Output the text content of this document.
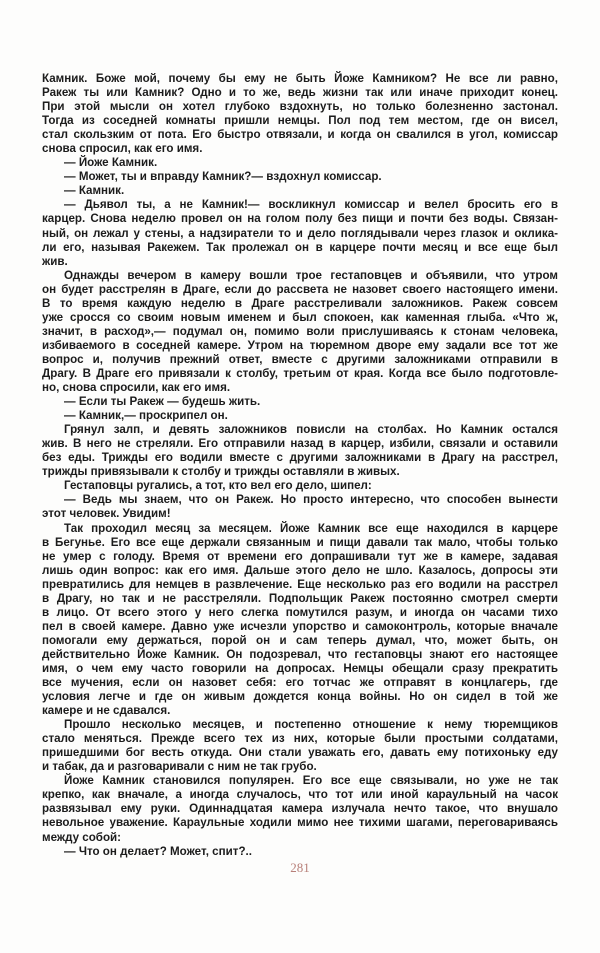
Камник. Боже мой, почему бы ему не быть Йоже Камником? Не все ли равно,
Ракеж ты или Камник? Одно и то же, ведь жизни так или иначе приходит конец.
При этой мысли он хотел глубоко вздохнуть, но только болезненно застонал.
Тогда из соседней комнаты пришли немцы. Пол под тем местом, где он висел,
стал скользким от пота. Его быстро отвязали, и когда он свалился в угол, комиссар
снова спросил, как его имя.
— Йоже Камник.
— Может, ты и вправду Камник?— вздохнул комиссар.
— Камник.
— Дьявол ты, а не Камник!— воскликнул комиссар и велел бросить его в
карцер. Снова неделю провел он на голом полу без пищи и почти без воды. Связан-
ный, он лежал у стены, а надзиратели то и дело поглядывали через глазок и оклика-
ли его, называя Ракежем. Так пролежал он в карцере почти месяц и все еще был
жив.
Однажды вечером в камеру вошли трое гестаповцев и объявили, что утром
он будет расстрелян в Драге, если до рассвета не назовет своего настоящего имени.
В то время каждую неделю в Драге расстреливали заложников. Ракеж совсем
уже сросся со своим новым именем и был спокоен, как каменная глыба. «Что ж,
значит, в расход»,— подумал он, помимо воли прислушиваясь к стонам человека,
избиваемого в соседней камере. Утром на тюремном дворе ему задали все тот же
вопрос и, получив прежний ответ, вместе с другими заложниками отправили в
Драгу. В Драге его привязали к столбу, третьим от края. Когда все было подготовле-
но, снова спросили, как его имя.
— Если ты Ракеж — будешь жить.
— Камник,— проскрипел он.
Грянул залп, и девять заложников повисли на столбах. Но Камник остался
жив. В него не стреляли. Его отправили назад в карцер, избили, связали и оставили
без еды. Трижды его водили вместе с другими заложниками в Драгу на расстрел,
трижды привязывали к столбу и трижды оставляли в живых.
Гестаповцы ругались, а тот, кто вел его дело, шипел:
— Ведь мы знаем, что он Ракеж. Но просто интересно, что способен вынести
этот человек. Увидим!
Так проходил месяц за месяцем. Йоже Камник все еще находился в карцере
в Бегунье. Его все еще держали связанным и пищи давали так мало, чтобы только
не умер с голоду. Время от времени его допрашивали тут же в камере, задавая
лишь один вопрос: как его имя. Дальше этого дело не шло. Казалось, допросы эти
превратились для немцев в развлечение. Еще несколько раз его водили на расстрел
в Драгу, но так и не расстреляли. Подпольщик Ракеж постоянно смотрел смерти
в лицо. От всего этого у него слегка помутился разум, и иногда он часами тихо
пел в своей камере. Давно уже исчезли упорство и самоконтроль, которые вначале
помогали ему держаться, порой он и сам теперь думал, что, может быть, он
действительно Йоже Камник. Он подозревал, что гестаповцы знают его настоящее
имя, о чем ему часто говорили на допросах. Немцы обещали сразу прекратить
все мучения, если он назовет себя: его тотчас же отправят в концлагерь, где
условия легче и где он живым дождется конца войны. Но он сидел в той же
камере и не сдавался.
Прошло несколько месяцев, и постепенно отношение к нему тюремщиков
стало меняться. Прежде всего тех из них, которые были простыми солдатами,
пришедшими бог весть откуда. Они стали уважать его, давать ему потихоньку еду
и табак, да и разговаривали с ним не так грубо.
Йоже Камник становился популярен. Его все еще связывали, но уже не так
крепко, как вначале, а иногда случалось, что тот или иной караульный на часок
развязывал ему руки. Одиннадцатая камера излучала нечто такое, что внушало
невольное уважение. Караульные ходили мимо нее тихими шагами, переговариваясь
между собой:
— Что он делает? Может, спит?..
281
